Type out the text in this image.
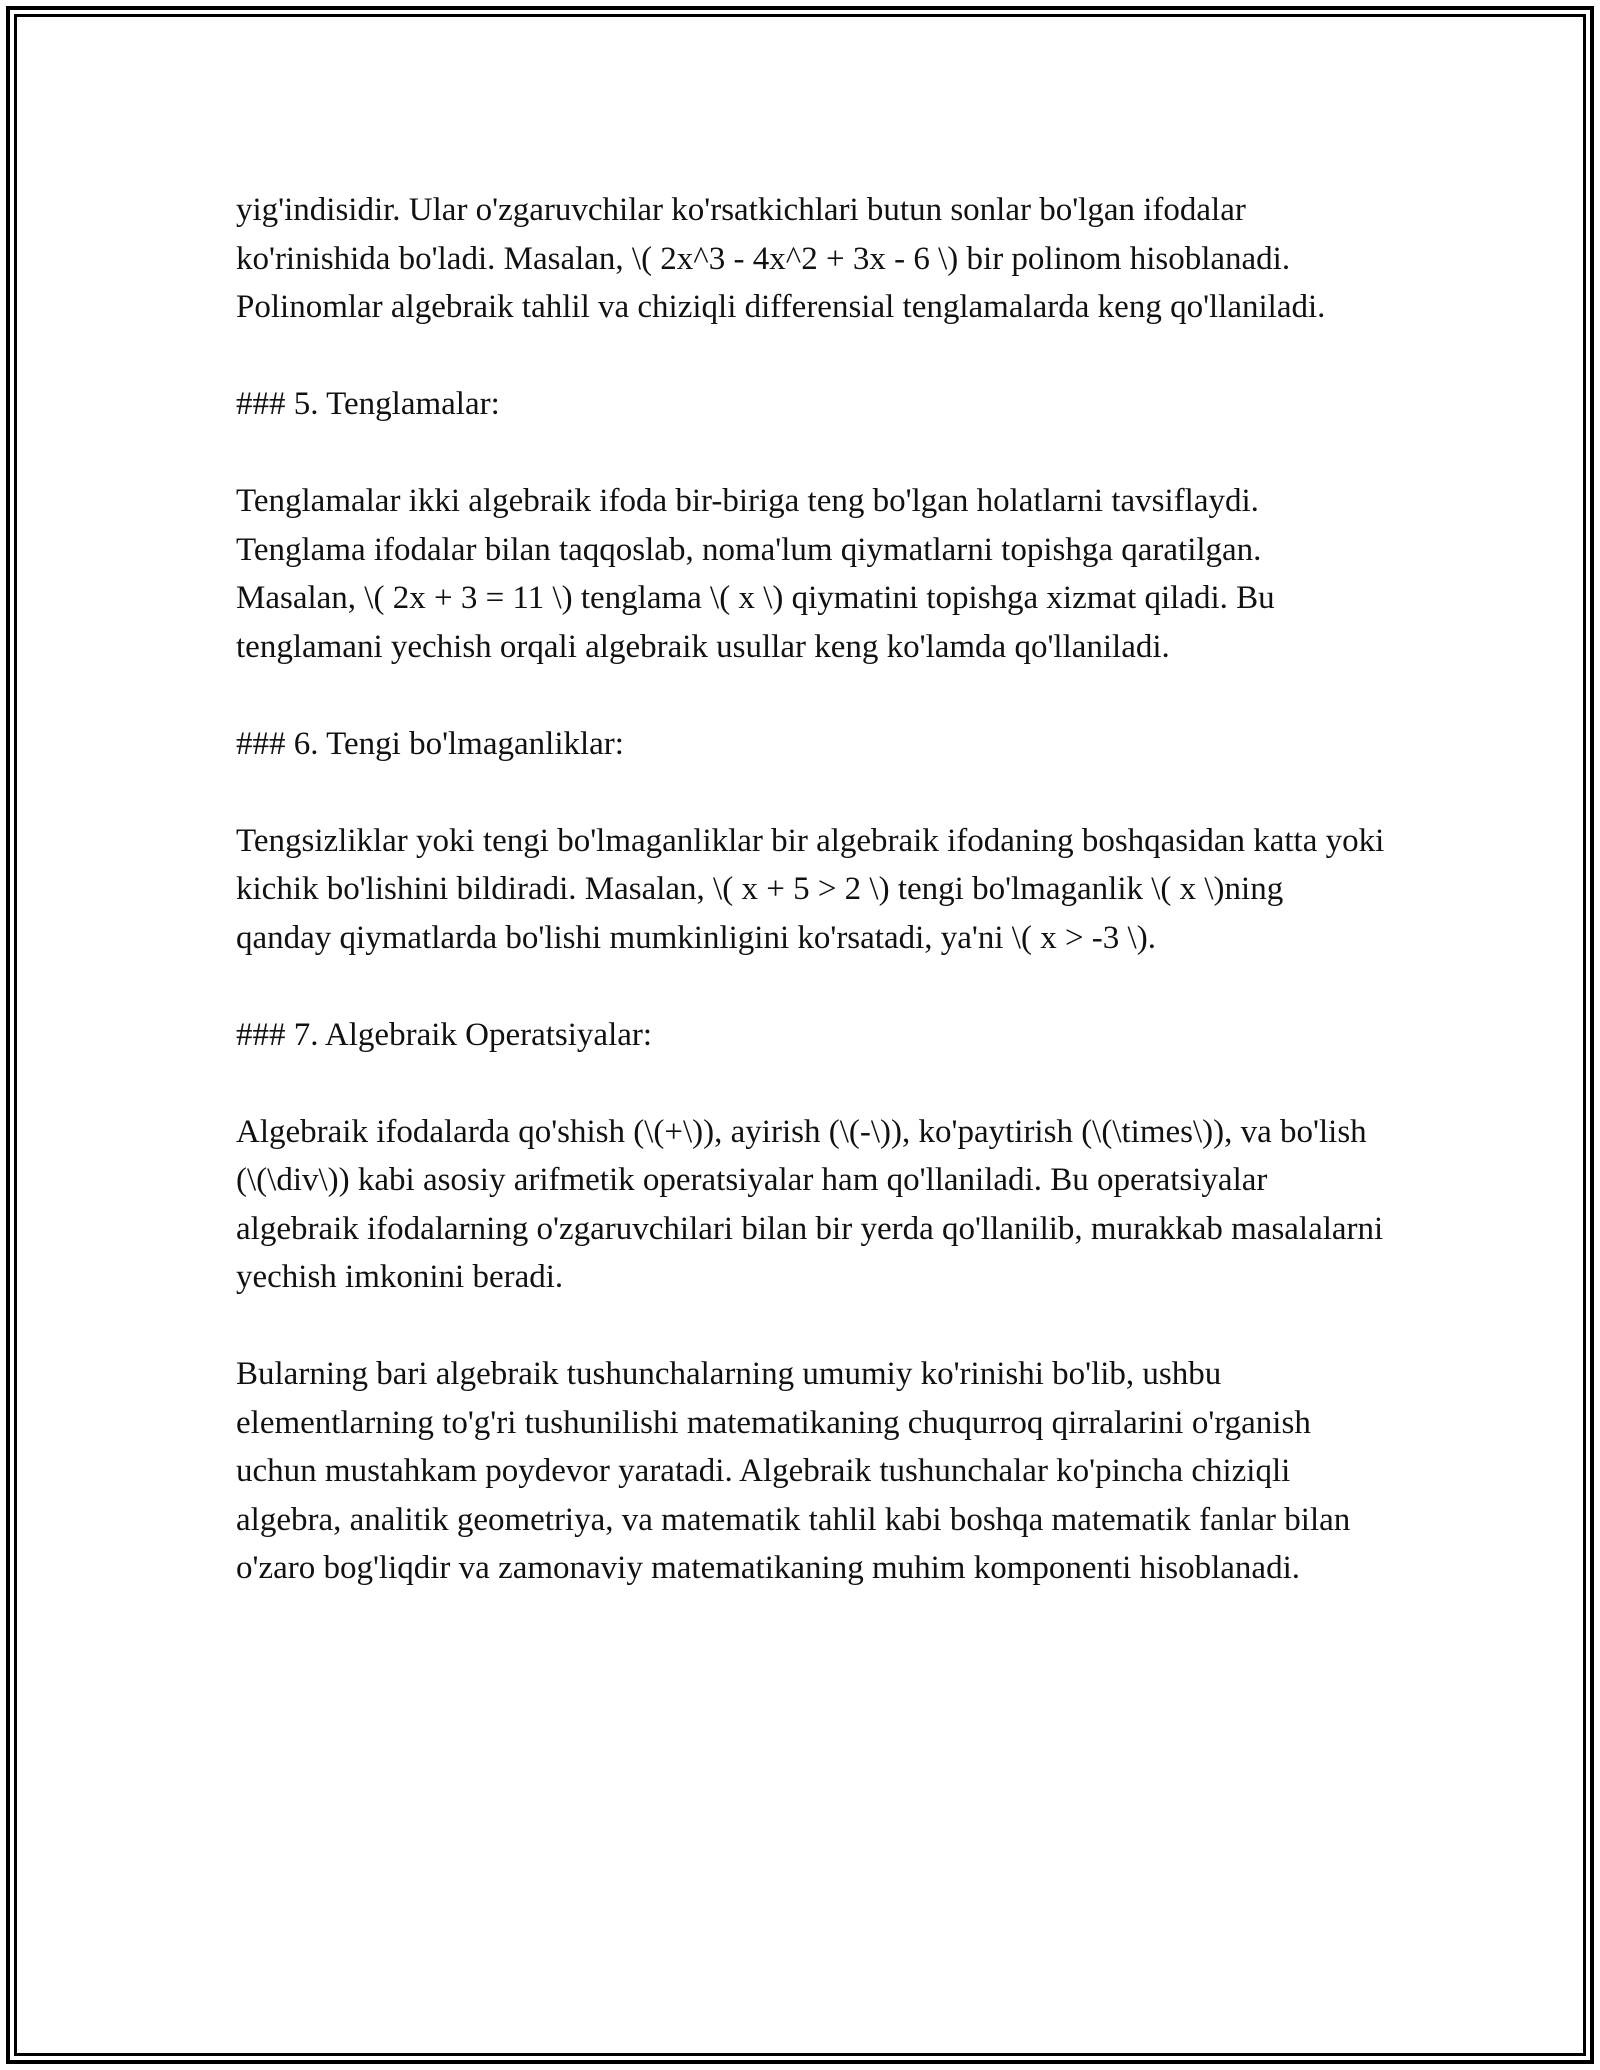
yig'indisidir. Ular o'zgaruvchilar ko'rsatkichlari butun sonlar bo'lgan ifodalar ko'rinishida bo'ladi. Masalan, \( 2x^3 - 4x^2 + 3x - 6 \) bir polinom hisoblanadi. Polinomlar algebraik tahlil va chiziqli differensial tenglamalarda keng qo'llaniladi.

### 5. Tenglamalar:

Tenglamalar ikki algebraik ifoda bir-biriga teng bo'lgan holatlarni tavsiflaydi. Tenglama ifodalar bilan taqqoslab, noma'lum qiymatlarni topishga qaratilgan. Masalan, \( 2x + 3 = 11 \) tenglama \( x \) qiymatini topishga xizmat qiladi. Bu tenglamani yechish orqali algebraik usullar keng ko'lamda qo'llaniladi.

### 6. Tengi bo'lmaganliklar:

Tengsizliklar yoki tengi bo'lmaganliklar bir algebraik ifodaning boshqasidan katta yoki kichik bo'lishini bildiradi. Masalan, \( x + 5 > 2 \) tengi bo'lmaganlik \( x \)ning qanday qiymatlarda bo'lishi mumkinligini ko'rsatadi, ya'ni \( x > -3 \).

### 7. Algebraik Operatsiyalar:

Algebraik ifodalarda qo'shish (\(+\)), ayirish (\(-\)), ko'paytirish (\(\times\)), va bo'lish (\(\div\)) kabi asosiy arifmetik operatsiyalar ham qo'llaniladi. Bu operatsiyalar algebraik ifodalarning o'zgaruvchilari bilan bir yerda qo'llanilib, murakkab masalalarni yechish imkonini beradi.

Bularning bari algebraik tushunchalarning umumiy ko'rinishi bo'lib, ushbu elementlarning to'g'ri tushunilishi matematikaning chuqurroq qirralarini o'rganish uchun mustahkam poydevor yaratadi. Algebraik tushunchalar ko'pincha chiziqli algebra, analitik geometriya, va matematik tahlil kabi boshqa matematik fanlar bilan o'zaro bog'liqdir va zamonaviy matematikaning muhim komponenti hisoblanadi.
